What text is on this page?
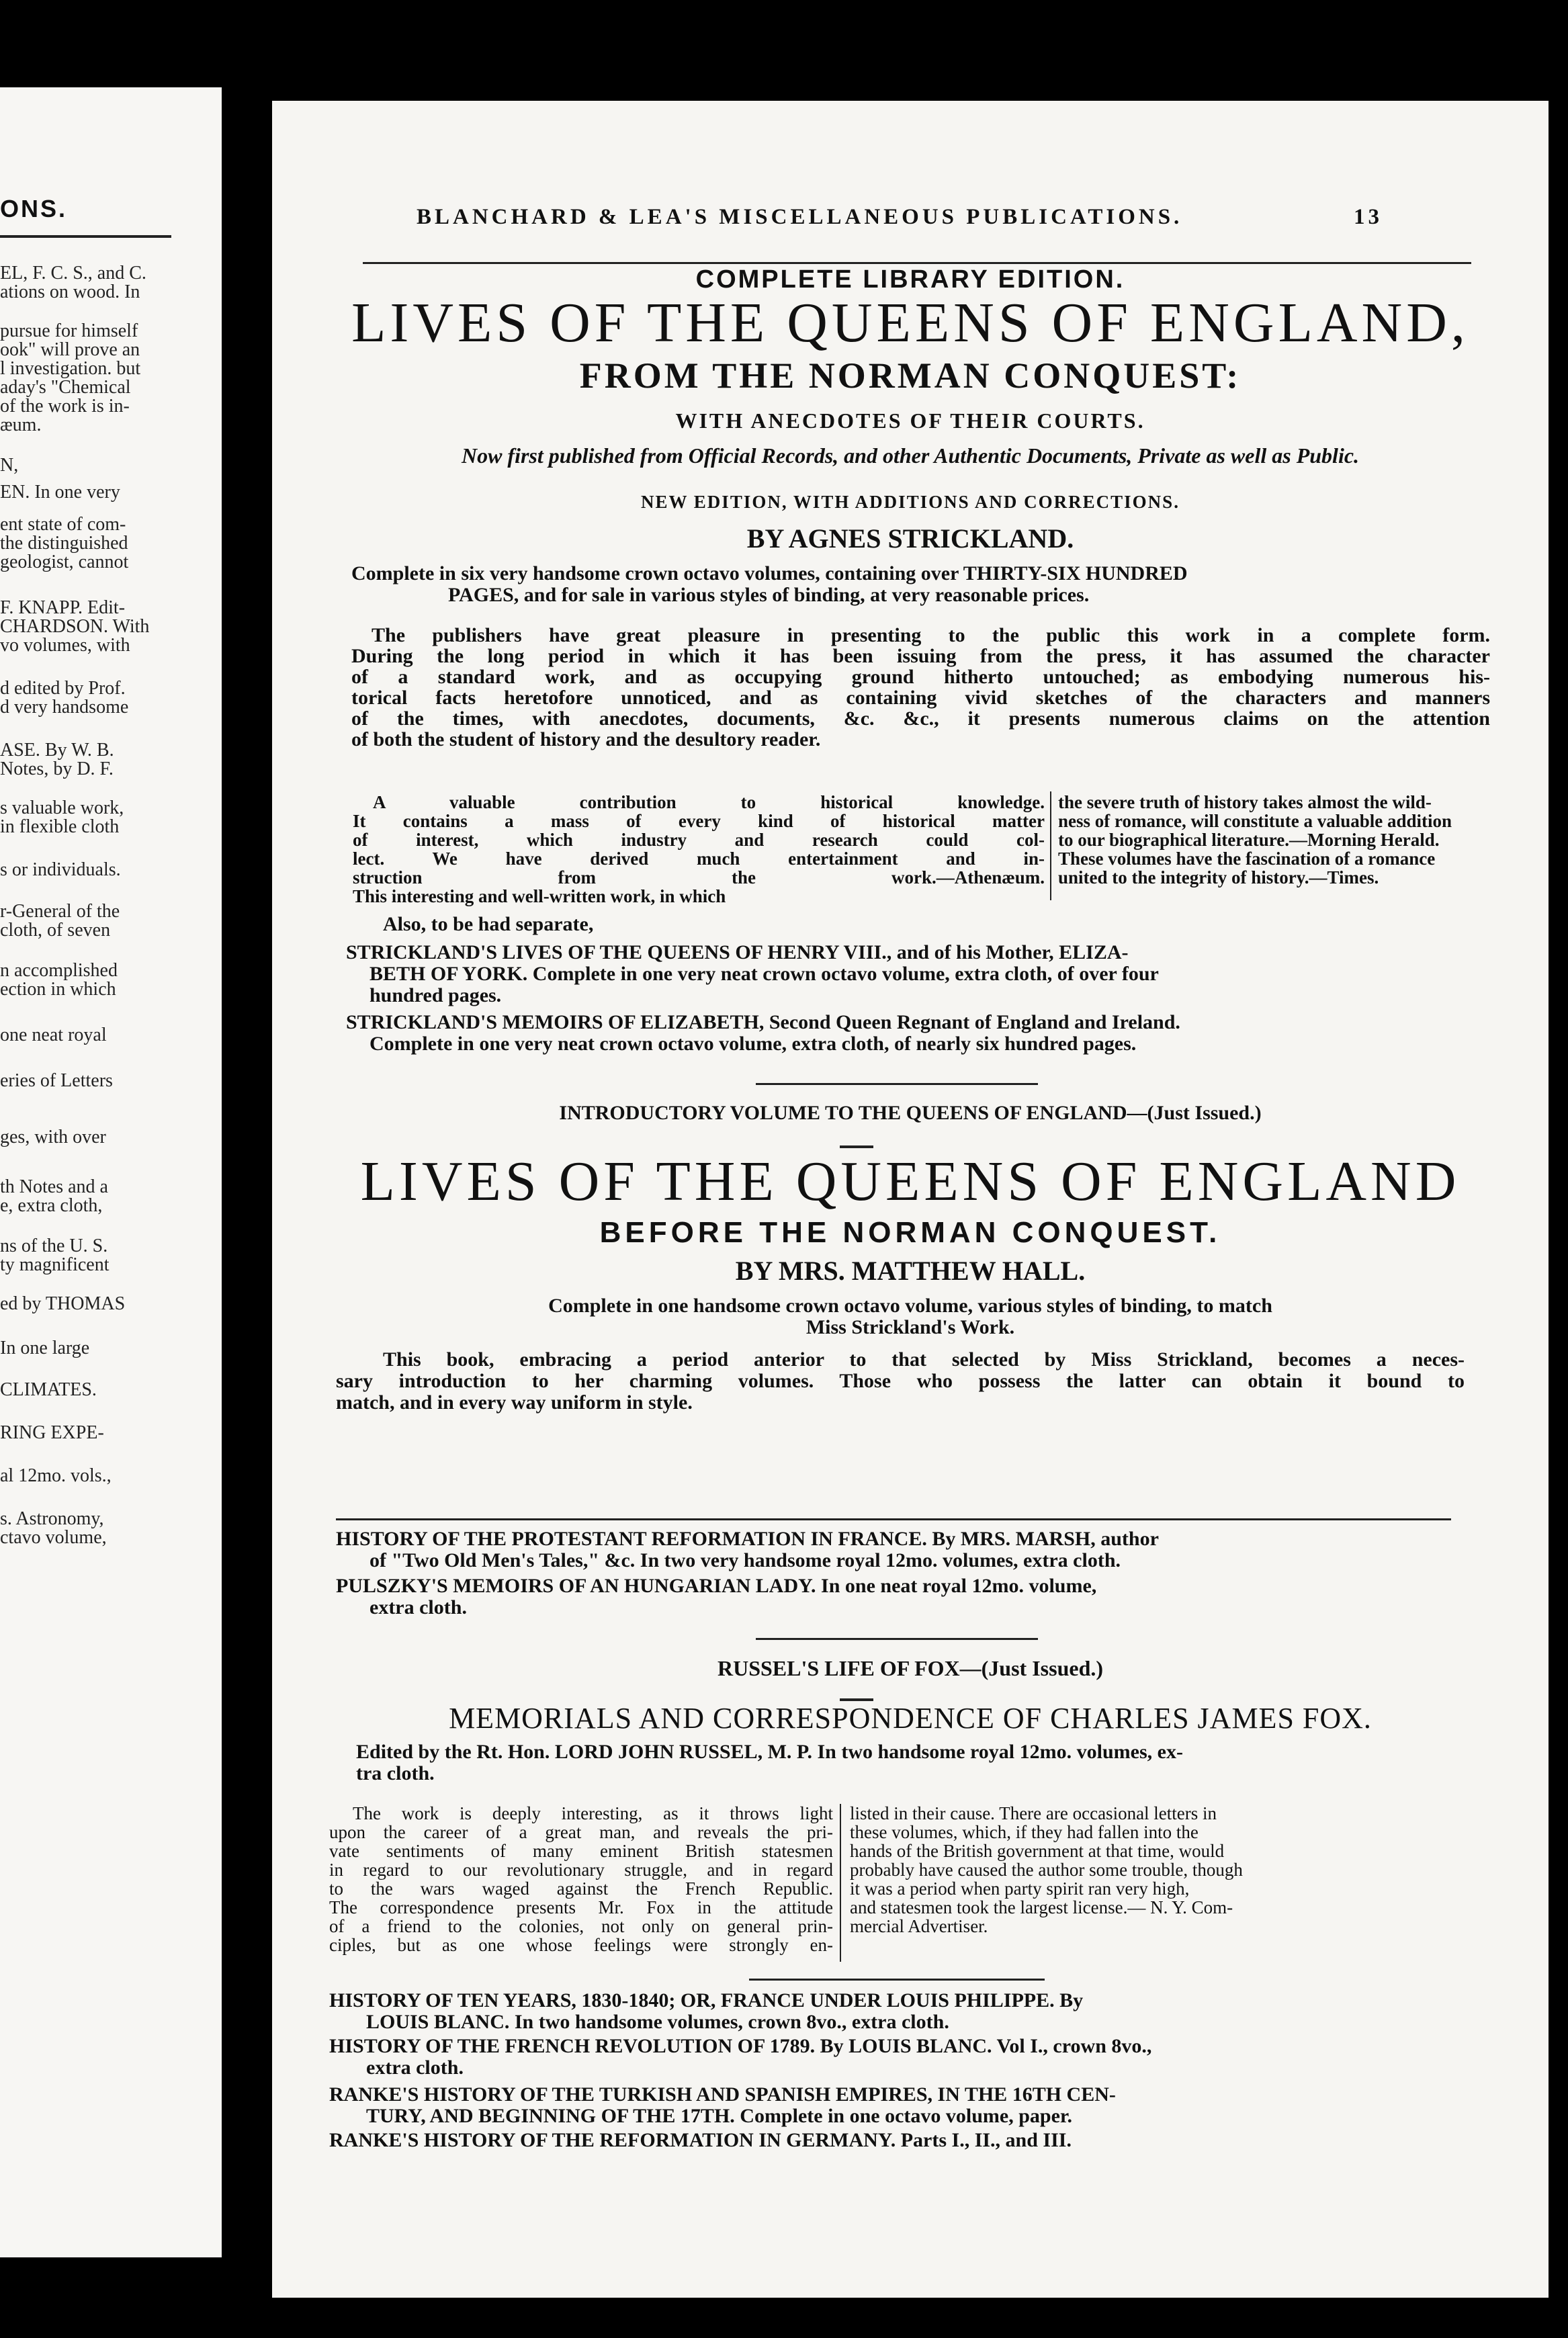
ONS.
EL, F. C. S., and C.
ations on wood. In
pursue for himself
ook" will prove an
l investigation. but
aday's "Chemical
of the work is in-
æum.
N,
EN. In one very
ent state of com-
the distinguished
geologist, cannot
F. KNAPP. Edit-
CHARDSON. With
vo volumes, with
d edited by Prof.
d very handsome
ASE. By W. B.
Notes, by D. F.
s valuable work,
in flexible cloth
s or individuals.
r-General of the
cloth, of seven
n accomplished
ection in which
one neat royal
eries of Letters
ges, with over
th Notes and a
e, extra cloth,
ns of the U. S.
ty magnificent
ed by THOMAS
In one large
CLIMATES.
RING EXPE-
al 12mo. vols.,
s. Astronomy,
ctavo volume,
BLANCHARD & LEA'S MISCELLANEOUS PUBLICATIONS.	13
COMPLETE LIBRARY EDITION.
LIVES OF THE QUEENS OF ENGLAND,
FROM THE NORMAN CONQUEST:
WITH ANECDOTES OF THEIR COURTS.
Now first published from Official Records, and other Authentic Documents, Private as well as Public.
NEW EDITION, WITH ADDITIONS AND CORRECTIONS.
BY AGNES STRICKLAND.
Complete in six very handsome crown octavo volumes, containing over THIRTY-SIX HUNDRED
PAGES, and for sale in various styles of binding, at very reasonable prices.
The publishers have great pleasure in presenting to the public this work in a complete form.
During the long period in which it has been issuing from the press, it has assumed the character
of a standard work, and as occupying ground hitherto untouched; as embodying numerous his-
torical facts heretofore unnoticed, and as containing vivid sketches of the characters and manners
of the times, with anecdotes, documents, &c. &c., it presents numerous claims on the attention
of both the student of history and the desultory reader.
A valuable contribution to historical knowledge.
It contains a mass of every kind of historical matter
of interest, which industry and research could col-
lect. We have derived much entertainment and in-
struction from the work.—Athenæum.
This interesting and well-written work, in which
the severe truth of history takes almost the wild-
ness of romance, will constitute a valuable addition
to our biographical literature.—Morning Herald.
These volumes have the fascination of a romance
united to the integrity of history.—Times.
Also, to be had separate,
STRICKLAND'S LIVES OF THE QUEENS OF HENRY VIII., and of his Mother, ELIZA-
BETH OF YORK. Complete in one very neat crown octavo volume, extra cloth, of over four
hundred pages.
STRICKLAND'S MEMOIRS OF ELIZABETH, Second Queen Regnant of England and Ireland.
Complete in one very neat crown octavo volume, extra cloth, of nearly six hundred pages.
INTRODUCTORY VOLUME TO THE QUEENS OF ENGLAND—(Just Issued.)
LIVES OF THE QUEENS OF ENGLAND
BEFORE THE NORMAN CONQUEST.
BY MRS. MATTHEW HALL.
Complete in one handsome crown octavo volume, various styles of binding, to match
Miss Strickland's Work.
This book, embracing a period anterior to that selected by Miss Strickland, becomes a neces-
sary introduction to her charming volumes. Those who possess the latter can obtain it bound to
match, and in every way uniform in style.
HISTORY OF THE PROTESTANT REFORMATION IN FRANCE. By MRS. MARSH, author
of "Two Old Men's Tales," &c. In two very handsome royal 12mo. volumes, extra cloth.
PULSZKY'S MEMOIRS OF AN HUNGARIAN LADY. In one neat royal 12mo. volume,
extra cloth.
RUSSEL'S LIFE OF FOX—(Just Issued.)
MEMORIALS AND CORRESPONDENCE OF CHARLES JAMES FOX.
Edited by the Rt. Hon. LORD JOHN RUSSEL, M. P. In two handsome royal 12mo. volumes, ex-
tra cloth.
The work is deeply interesting, as it throws light
upon the career of a great man, and reveals the pri-
vate sentiments of many eminent British statesmen
in regard to our revolutionary struggle, and in regard
to the wars waged against the French Republic.
The correspondence presents Mr. Fox in the attitude
of a friend to the colonies, not only on general prin-
ciples, but as one whose feelings were strongly en-
listed in their cause. There are occasional letters in
these volumes, which, if they had fallen into the
hands of the British government at that time, would
probably have caused the author some trouble, though
it was a period when party spirit ran very high,
and statesmen took the largest license.— N. Y. Com-
mercial Advertiser.
HISTORY OF TEN YEARS, 1830-1840; OR, FRANCE UNDER LOUIS PHILIPPE. By
LOUIS BLANC. In two handsome volumes, crown 8vo., extra cloth.
HISTORY OF THE FRENCH REVOLUTION OF 1789. By LOUIS BLANC. Vol I., crown 8vo.,
extra cloth.
RANKE'S HISTORY OF THE TURKISH AND SPANISH EMPIRES, IN THE 16TH CEN-
TURY, AND BEGINNING OF THE 17TH. Complete in one octavo volume, paper.
RANKE'S HISTORY OF THE REFORMATION IN GERMANY. Parts I., II., and III.
